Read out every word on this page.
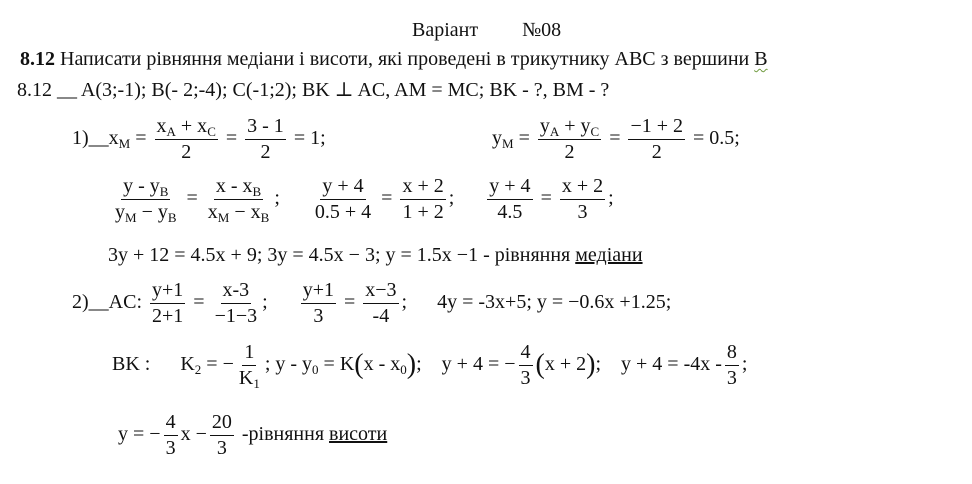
Варіант №08
8.12 Написати рівняння медіани і висоти, які проведені в трикутнику АВС з вершини В
8.12 __ A(3;-1); B(- 2;-4); C(-1;2); BK ⊥ AC, AM = MC; BK - ?, BM - ?
$1)\_\_x_M = \frac{x_A + x_C}{2} = \frac{3 - 1}{2} = 1$;	$y_M = \frac{y_A + y_C}{2} = \frac{-1 + 2}{2} = 0.5$;
$\frac{y - y_B}{y_M - y_B} = \frac{x - x_B}{x_M - x_B}$ ; $\frac{y + 4}{0.5 + 4} = \frac{x + 2}{1 + 2}$ ; $\frac{y + 4}{4.5} = \frac{x + 2}{3}$ ;
3y + 12 = 4.5x + 9; 3y = 4.5x − 3; y = 1.5x −1 - рівняння медіани
2)__AC: $\frac{y+1}{2+1} = \frac{x-3}{-1-3}$ ; $\frac{y+1}{3} = \frac{x-3}{-4}$ ;  4y = -3x+5; y = −0.6x +1.25;
BK : $K_2$ = − $\frac{1}{K_1}$ ; $y - y_0 = K(x - x_0)$; y + 4 = − $\frac{4}{3} (x + 2)$;  $y + 4 = -4x - \frac{8}{3}$ ;
y = − $\frac{4}{3}$ $x - \frac{20}{3}$ -рівняння висоти
